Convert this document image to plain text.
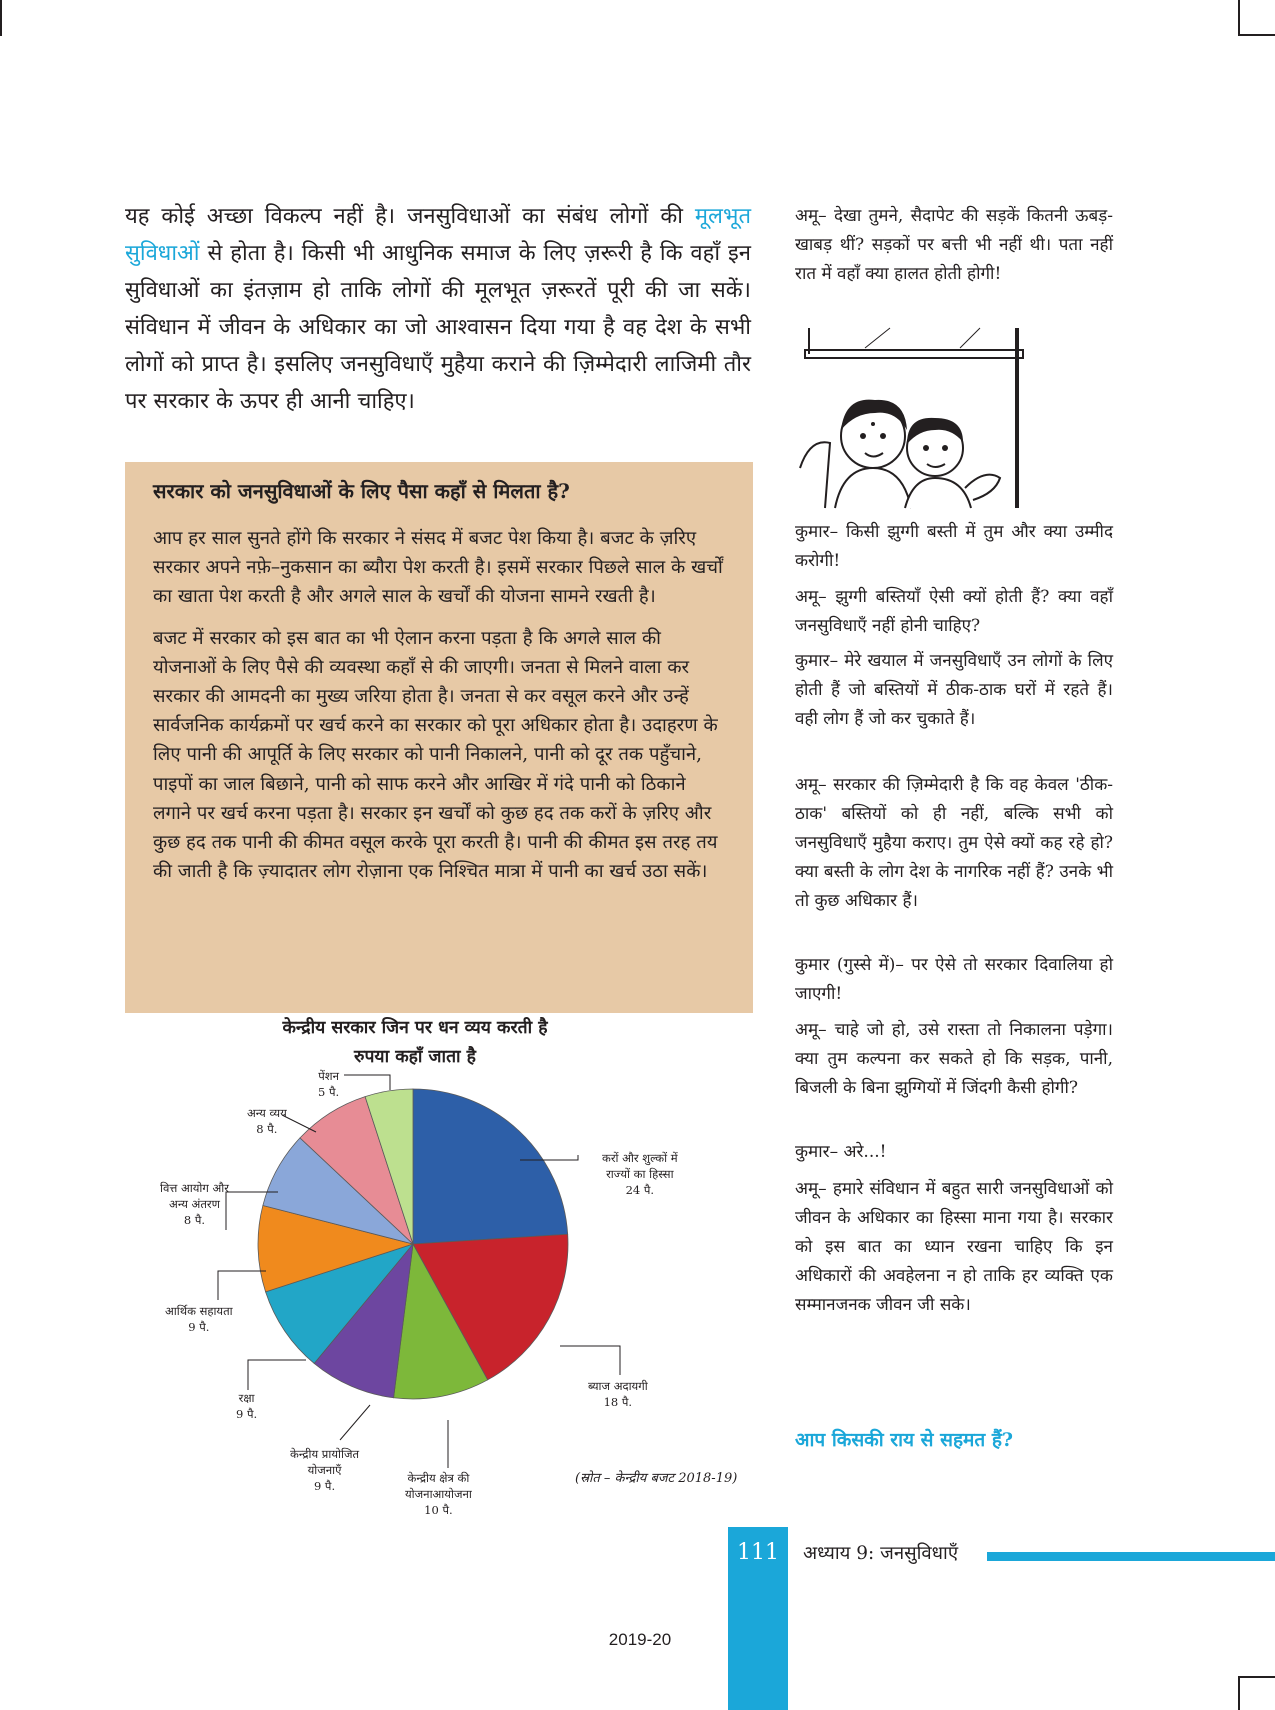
यह कोई अच्छा विकल्प नहीं है। जनसुविधाओं का संबंध लोगों की मूलभूत सुविधाओं से होता है। किसी भी आधुनिक समाज के लिए ज़रूरी है कि वहाँ इन सुविधाओं का इंतज़ाम हो ताकि लोगों की मूलभूत ज़रूरतें पूरी की जा सकें। संविधान में जीवन के अधिकार का जो आश्वासन दिया गया है वह देश के सभी लोगों को प्राप्त है। इसलिए जनसुविधाएँ मुहैया कराने की ज़िम्मेदारी लाजिमी तौर पर सरकार के ऊपर ही आनी चाहिए।

सरकार को जनसुविधाओं के लिए पैसा कहाँ से मिलता है?

आप हर साल सुनते होंगे कि सरकार ने संसद में बजट पेश किया है। बजट के ज़रिए सरकार अपने नफ़े–नुकसान का ब्यौरा पेश करती है। इसमें सरकार पिछले साल के खर्चों का खाता पेश करती है और अगले साल के खर्चों की योजना सामने रखती है।

बजट में सरकार को इस बात का भी ऐलान करना पड़ता है कि अगले साल की योजनाओं के लिए पैसे की व्यवस्था कहाँ से की जाएगी। जनता से मिलने वाला कर सरकार की आमदनी का मुख्य जरिया होता है। जनता से कर वसूल करने और उन्हें सार्वजनिक कार्यक्रमों पर खर्च करने का सरकार को पूरा अधिकार होता है। उदाहरण के लिए पानी की आपूर्ति के लिए सरकार को पानी निकालने, पानी को दूर तक पहुँचाने, पाइपों का जाल बिछाने, पानी को साफ करने और आखिर में गंदे पानी को ठिकाने लगाने पर खर्च करना पड़ता है। सरकार इन खर्चों को कुछ हद तक करों के ज़रिए और कुछ हद तक पानी की कीमत वसूल करके पूरा करती है। पानी की कीमत इस तरह तय की जाती है कि ज़्यादातर लोग रोज़ाना एक निश्चित मात्रा में पानी का खर्च उठा सकें।

केन्द्रीय सरकार जिन पर धन व्यय करती है
रुपया कहाँ जाता है

पेंशन
5 पै.
अन्य व्यय
8 पै.
वित्त आयोग और
अन्य अंतरण
8 पै.
आर्थिक सहायता
9 पै.
रक्षा
9 पै.
केन्द्रीय प्रायोजित
योजनाएँ
9 पै.
केन्द्रीय क्षेत्र की
योजनाआयोजना
10 पै.
ब्याज अदायगी
18 पै.
करों और शुल्कों में
राज्यों का हिस्सा
24 पै.

(स्रोत – केन्द्रीय बजट 2018-19)

अमू– देखा तुमने, सैदापेट की सड़कें कितनी ऊबड़-खाबड़ थीं? सड़कों पर बत्ती भी नहीं थी। पता नहीं रात में वहाँ क्या हालत होती होगी!

कुमार– किसी झुग्गी बस्ती में तुम और क्या उम्मीद करोगी!

अमू– झुग्गी बस्तियाँ ऐसी क्यों होती हैं? क्या वहाँ जनसुविधाएँ नहीं होनी चाहिए?

कुमार– मेरे खयाल में जनसुविधाएँ उन लोगों के लिए होती हैं जो बस्तियों में ठीक-ठाक घरों में रहते हैं। वही लोग हैं जो कर चुकाते हैं।

अमू– सरकार की ज़िम्मेदारी है कि वह केवल 'ठीक-ठाक' बस्तियों को ही नहीं, बल्कि सभी को जनसुविधाएँ मुहैया कराए। तुम ऐसे क्यों कह रहे हो? क्या बस्ती के लोग देश के नागरिक नहीं हैं? उनके भी तो कुछ अधिकार हैं।

कुमार (गुस्से में)– पर ऐसे तो सरकार दिवालिया हो जाएगी!

अमू– चाहे जो हो, उसे रास्ता तो निकालना पड़ेगा। क्या तुम कल्पना कर सकते हो कि सड़क, पानी, बिजली के बिना झुग्गियों में जिंदगी कैसी होगी?

कुमार– अरे...!

अमू– हमारे संविधान में बहुत सारी जनसुविधाओं को जीवन के अधिकार का हिस्सा माना गया है। सरकार को इस बात का ध्यान रखना चाहिए कि इन अधिकारों की अवहेलना न हो ताकि हर व्यक्ति एक सम्मानजनक जीवन जी सके।

आप किसकी राय से सहमत हैं?

111	अध्याय 9: जनसुविधाएँ

2019-20
